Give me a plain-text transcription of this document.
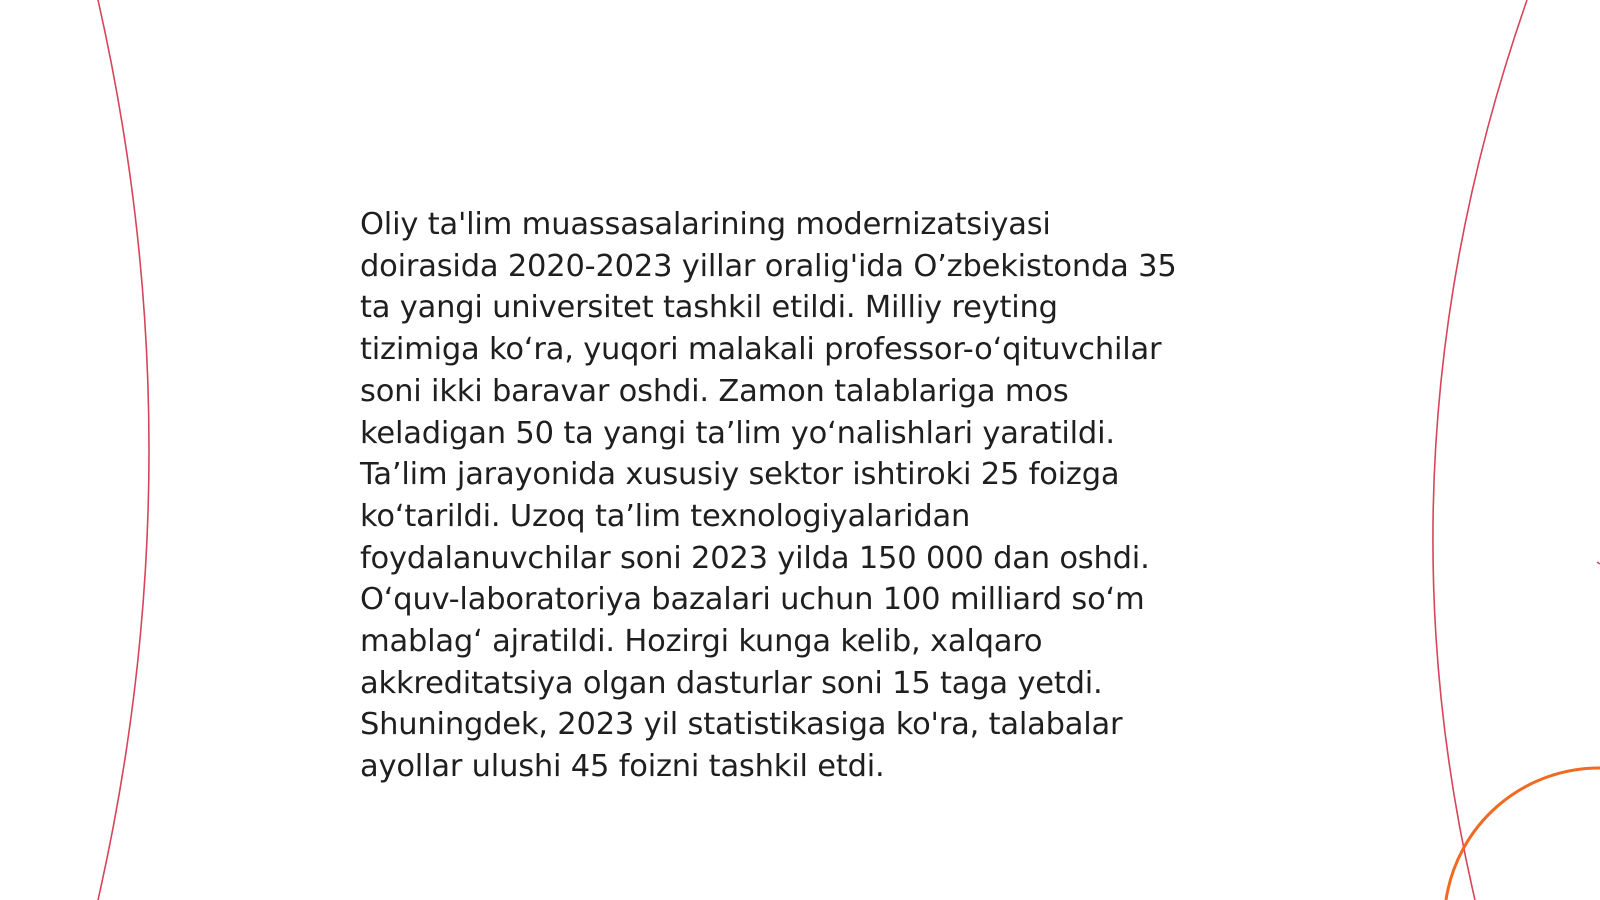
Oliy ta'lim muassasalarining modernizatsiyasi
doirasida 2020-2023 yillar oralig'ida O’zbekistonda 35
ta yangi universitet tashkil etildi. Milliy reyting
tizimiga ko‘ra, yuqori malakali professor-o‘qituvchilar
soni ikki baravar oshdi. Zamon talablariga mos
keladigan 50 ta yangi ta’lim yo‘nalishlari yaratildi.
Ta’lim jarayonida xususiy sektor ishtiroki 25 foizga
ko‘tarildi. Uzoq ta’lim texnologiyalaridan
foydalanuvchilar soni 2023 yilda 150 000 dan oshdi.
O‘quv-laboratoriya bazalari uchun 100 milliard so‘m
mablag‘ ajratildi. Hozirgi kunga kelib, xalqaro
akkreditatsiya olgan dasturlar soni 15 taga yetdi.
Shuningdek, 2023 yil statistikasiga ko'ra, talabalar
ayollar ulushi 45 foizni tashkil etdi.
